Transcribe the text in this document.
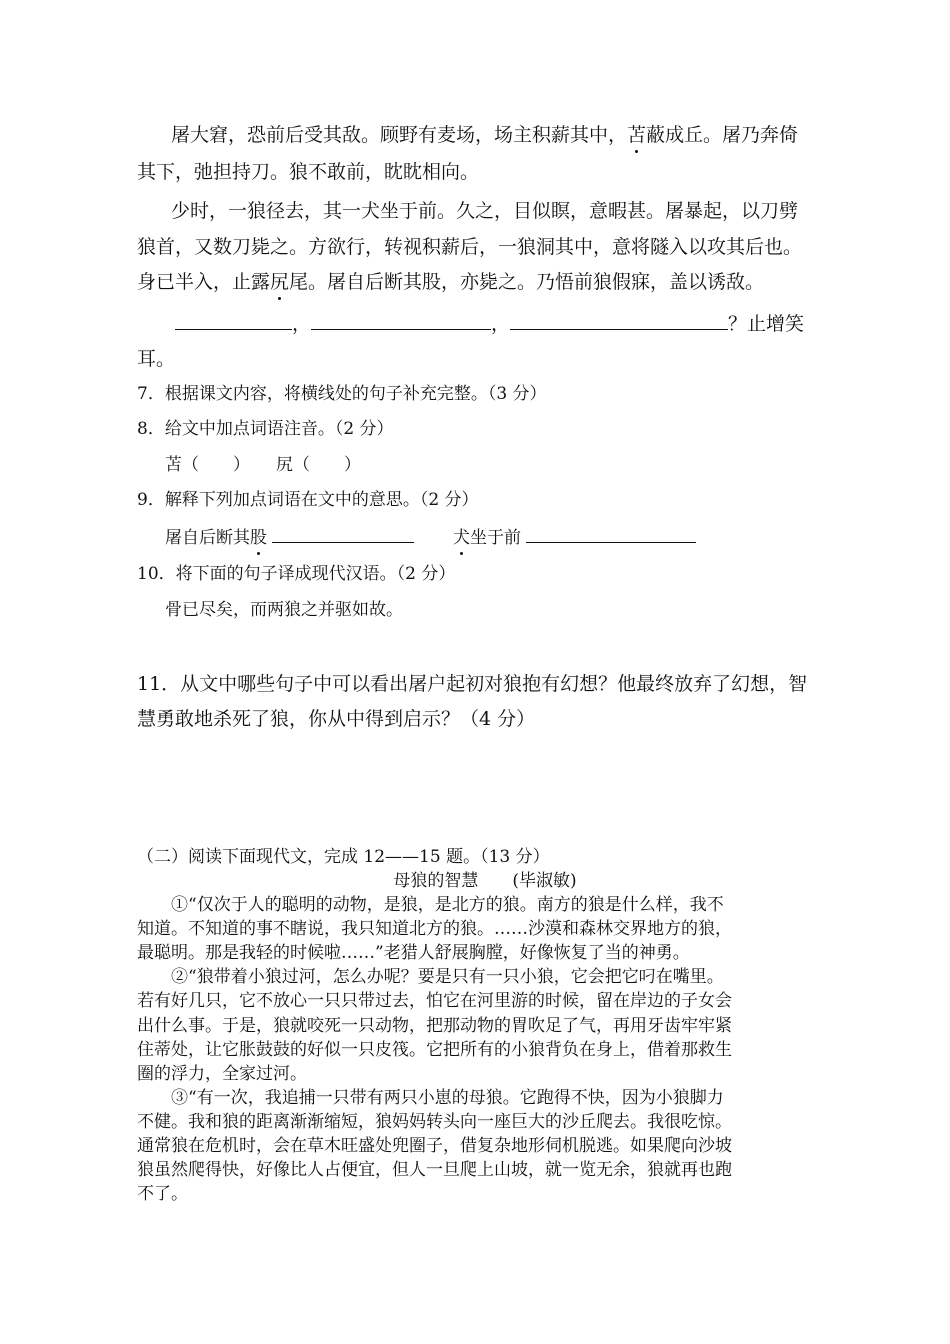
屠大窘，恐前后受其敌。顾野有麦场，场主积薪其中，苫蔽成丘。屠乃奔倚
其下，弛担持刀。狼不敢前，眈眈相向。
少时，一狼径去，其一犬坐于前。久之，目似瞑，意暇甚。屠暴起，以刀劈
狼首，又数刀毙之。方欲行，转视积薪后，一狼洞其中，意将隧入以攻其后也。
身已半入，止露尻尾。屠自后断其股，亦毙之。乃悟前狼假寐，盖以诱敌。
，	，	？止增笑
耳。
7．根据课文内容，将横线处的句子补充完整。（3 分）
8．给文中加点词语注音。（2 分）
苫（　　） 尻（　　）
9．解释下列加点词语在文中的意思。（2 分）
屠自后断其股	犬坐于前
10．将下面的句子译成现代汉语。（2 分）
骨已尽矣，而两狼之并驱如故。
11．从文中哪些句子中可以看出屠户起初对狼抱有幻想？他最终放弃了幻想，智
慧勇敢地杀死了狼，你从中得到启示？（4 分）
（二）阅读下面现代文，完成 12——15 题。（13 分）
母狼的智慧　　(毕淑敏)
　　①“仅次于人的聪明的动物，是狼，是北方的狼。南方的狼是什么样，我不
知道。不知道的事不瞎说，我只知道北方的狼。……沙漠和森林交界地方的狼，
最聪明。那是我轻的时候啦……”老猎人舒展胸膛，好像恢复了当的神勇。
　　②“狼带着小狼过河，怎么办呢？要是只有一只小狼，它会把它叼在嘴里。
若有好几只，它不放心一只只带过去，怕它在河里游的时候，留在岸边的子女会
出什么事。于是，狼就咬死一只动物，把那动物的胃吹足了气，再用牙齿牢牢紧
住蒂处，让它胀鼓鼓的好似一只皮筏。它把所有的小狼背负在身上，借着那救生
圈的浮力，全家过河。
　　③“有一次，我追捕一只带有两只小崽的母狼。它跑得不快，因为小狼脚力
不健。我和狼的距离渐渐缩短，狼妈妈转头向一座巨大的沙丘爬去。我很吃惊。
通常狼在危机时，会在草木旺盛处兜圈子，借复杂地形伺机脱逃。如果爬向沙坡
狼虽然爬得快，好像比人占便宜，但人一旦爬上山坡，就一览无余，狼就再也跑
不了。
